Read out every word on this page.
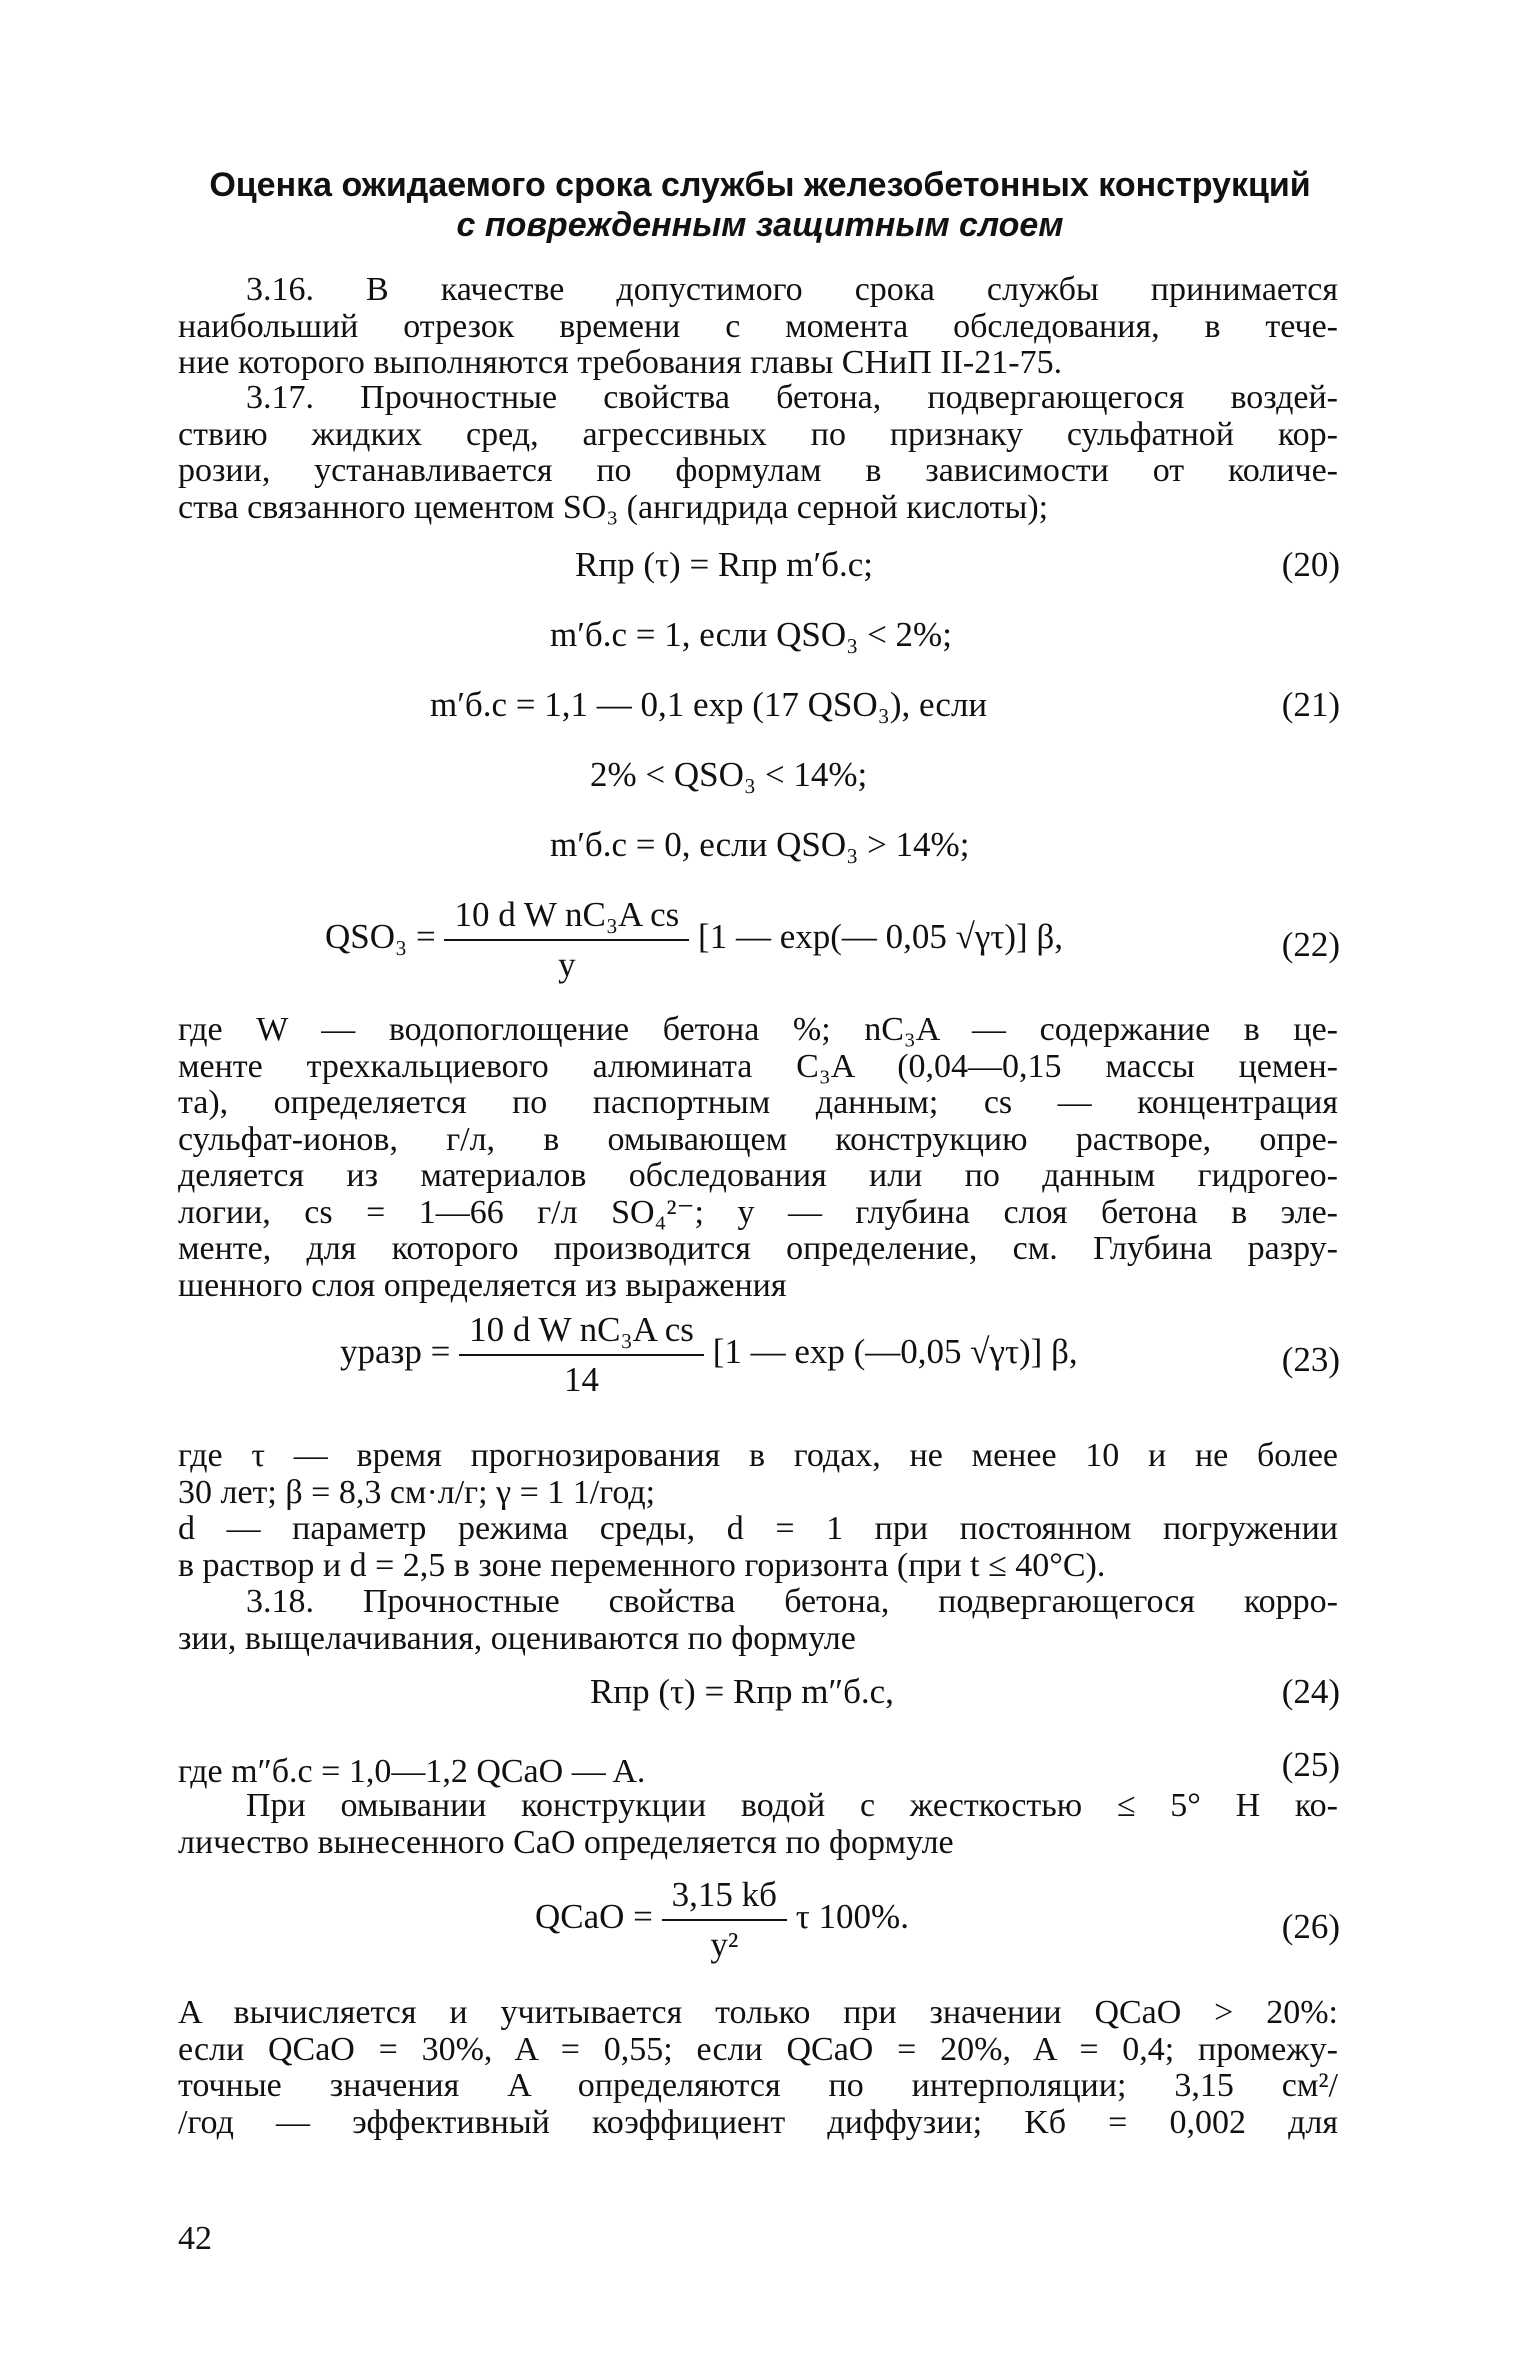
Оценка ожидаемого срока службы железобетонных конструкций
с поврежденным защитным слоем
3.16. В качестве допустимого срока службы принимается
наибольший отрезок времени с момента обследования, в тече-
ние которого выполняются требования главы СНиП II-21-75.
3.17. Прочностные свойства бетона, подвергающегося воздей-
ствию жидких сред, агрессивных по признаку сульфатной кор-
розии, устанавливается по формулам в зависимости от количе-
ства связанного цементом SO₃ (ангидрида серной кислоты);
Rпр (τ) = Rпр m′б.с;	(20)
m′б.с = 1, если QSO₃ < 2%;
m′б.с = 1,1 — 0,1 exp (17 QSO₃), если	(21)
2% < QSO₃ < 14%;
m′б.с = 0, если QSO₃ > 14%;
$QSO_3 = \frac{\text{10 d W nC₃A cs}}{y} [1$ — exp(— 0,05 √γτ)] β,	(22)
где W — водопоглощение бетона %; nC₃A — содержание в це-
менте трехкальциевого алюмината C₃A (0,04—0,15 массы цемен-
та), определяется по паспортным данным; cs — концентрация
сульфат-ионов, г/л, в омывающем конструкцию растворе, опре-
деляется из материалов обследования или по данным гидрогео-
логии, cs = 1—66 г/л SO₄²⁻; y — глубина слоя бетона в эле-
менте, для которого производится определение, см. Глубина разру-
шенного слоя определяется из выражения
yразр = $\frac{\text{10 d W nC₃A cs}}{14} [1$ — exp (—0,05 √γτ)] β,	(23)
где τ — время прогнозирования в годах, не менее 10 и не более
30 лет; β = 8,3 см·л/г; γ = 1 1/год;
d — параметр режима среды, d = 1 при постоянном погружении
в раствор и d = 2,5 в зоне переменного горизонта (при t ≤ 40°C).
3.18. Прочностные свойства бетона, подвергающегося корро-
зии, выщелачивания, оцениваются по формуле
Rпр (τ) = Rпр m″б.с,	(24)
где m″б.с = 1,0—1,2 QCaO — A.	(25)
При омывании конструкции водой с жесткостью ≤ 5° Н ко-
личество вынесенного CaO определяется по формуле
QCaO = $\frac{3,15 kб}{\text{y²}}$ τ 100%.	(26)
A вычисляется и учитывается только при значении QCaO > 20%:
если QCaO = 30%, A = 0,55; если QCaO = 20%, A = 0,4; промежу-
точные значения A определяются по интерполяции; 3,15 см²/
/год — эффективный коэффициент диффузии; Kб = 0,002 для
42
